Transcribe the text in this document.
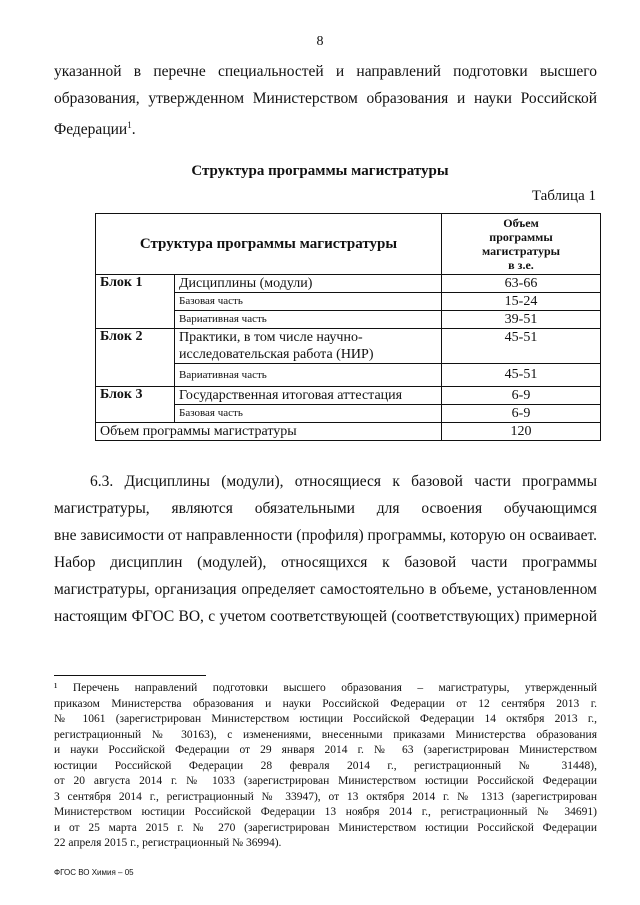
8
указанной в перечне специальностей и направлений подготовки высшего
образования, утвержденном Министерством образования и науки Российской
Федерации$^1$.
Структура программы магистратуры
Таблица 1
Структура программы магистратуры		Объем
программы
магистратуры
в з.е.

Блок 1	Дисциплины (модули)	63-66
	Базовая часть	15-24
	Вариативная часть	39-51
Блок 2	Практики, в том числе научно-
исследовательская работа (НИР)	45-51
	Вариативная часть	45-51
Блок 3	Государственная итоговая аттестация	6-9
	Базовая часть	6-9
Объем программы магистратуры		120
6.3. Дисциплины (модули), относящиеся к базовой части программы
магистратуры, являются обязательными для освоения обучающимся
вне зависимости от направленности (профиля) программы, которую он осваивает.
Набор дисциплин (модулей), относящихся к базовой части программы
магистратуры, организация определяет самостоятельно в объеме, установленном
настоящим ФГОС ВО, с учетом соответствующей (соответствующих) примерной
¹ Перечень направлений подготовки высшего образования – магистратуры, утвержденный
приказом Министерства образования и науки Российской Федерации от 12 сентября 2013 г.
№ 1061 (зарегистрирован Министерством юстиции Российской Федерации 14 октября 2013 г.,
регистрационный № 30163), с изменениями, внесенными приказами Министерства образования
и науки Российской Федерации от 29 января 2014 г. № 63 (зарегистрирован Министерством
юстиции Российской Федерации 28 февраля 2014 г., регистрационный № 31448),
от 20 августа 2014 г. № 1033 (зарегистрирован Министерством юстиции Российской Федерации
3 сентября 2014 г., регистрационный № 33947), от 13 октября 2014 г. № 1313 (зарегистрирован
Министерством юстиции Российской Федерации 13 ноября 2014 г., регистрационный № 34691)
и от 25 марта 2015 г. № 270 (зарегистрирован Министерством юстиции Российской Федерации
22 апреля 2015 г., регистрационный № 36994).
ФГОС ВО Химия – 05
